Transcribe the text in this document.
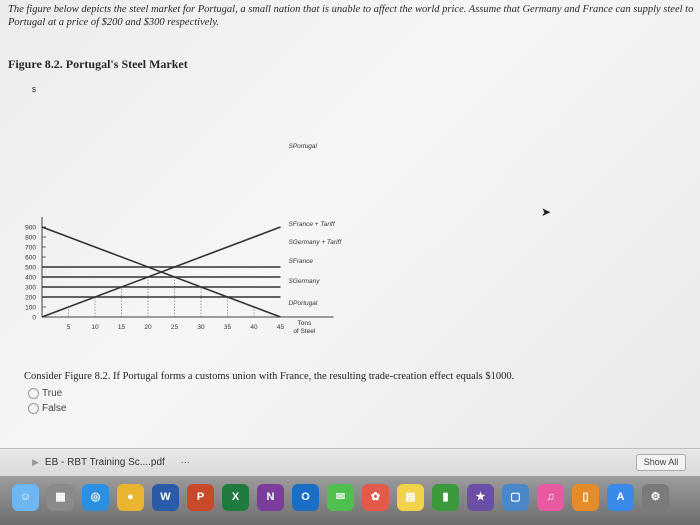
The figure below depicts the steel market for Portugal, a small nation that is unable to affect the world price. Assume that Germany and France can supply steel to Portugal at a price of $200 and $300 respectively.

Figure 8.2. Portugal's Steel Market
$
0
100
200
300
400
500
600
700
800
900
5	10	15	20	25	30	35	40	45
Tons
of Steel
SPortugal
SFrance + Tariff
SGermany + Tariff
SFrance
SGermany
DPortugal
➤
Consider Figure 8.2. If Portugal forms a customs union with France, the resulting trade-creation effect equals $1000.
True
False
▶ EB - RBT Training Sc....pdf ⋯	Show All
☺	▦	◎	●	W	P	X	N	O	✉	✿	▤	▮	★	▢	♫	▯	A	⚙
